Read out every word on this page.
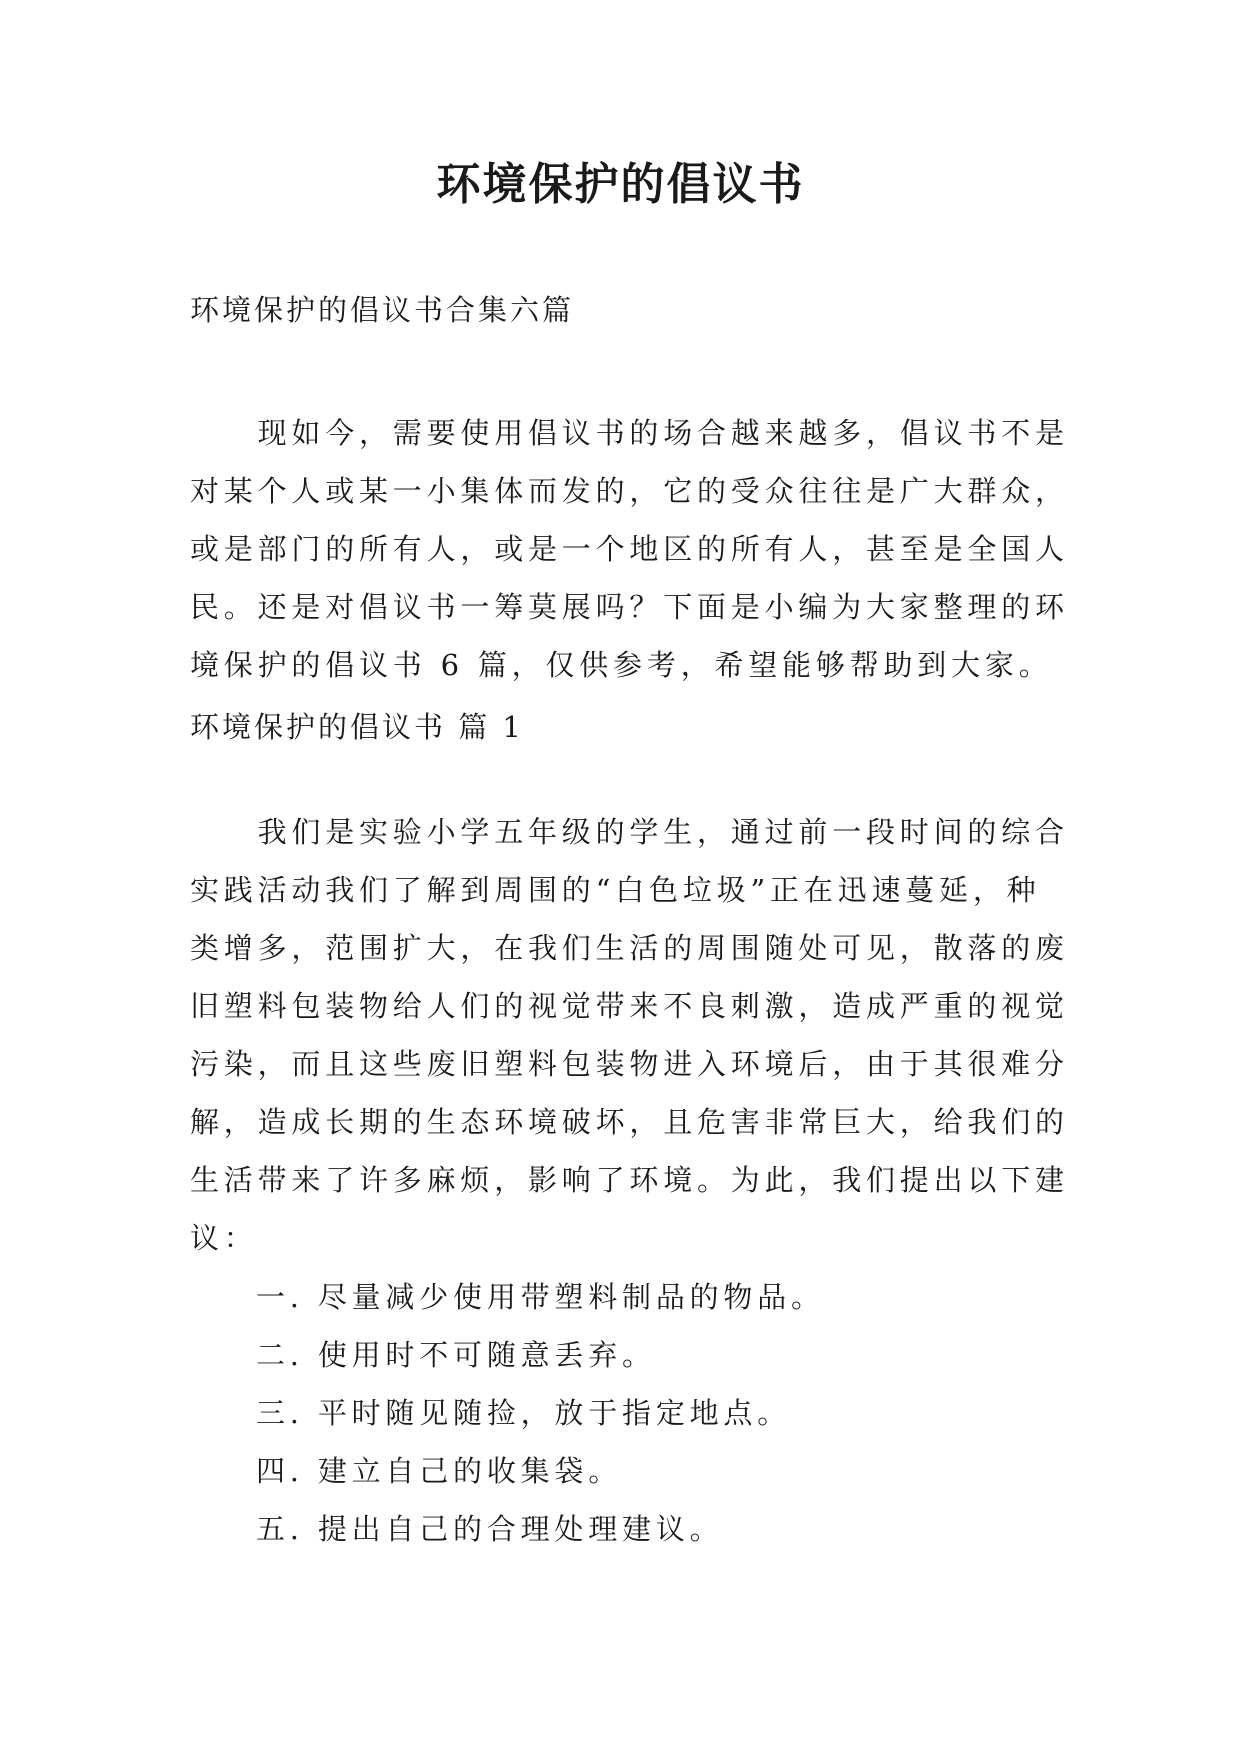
环境保护的倡议书
环境保护的倡议书合集六篇

　　现如今，需要使用倡议书的场合越来越多，倡议书不是

对某个人或某一小集体而发的，它的受众往往是广大群众，

或是部门的所有人，或是一个地区的所有人，甚至是全国人

民。还是对倡议书一筹莫展吗？下面是小编为大家整理的环

境保护的倡议书 6 篇，仅供参考，希望能够帮助到大家。

环境保护的倡议书 篇 1

　　我们是实验小学五年级的学生，通过前一段时间的综合

实践活动我们了解到周围的“白色垃圾”正在迅速蔓延，种

类增多，范围扩大，在我们生活的周围随处可见，散落的废

旧塑料包装物给人们的视觉带来不良刺激，造成严重的视觉

污染，而且这些废旧塑料包装物进入环境后，由于其很难分

解，造成长期的生态环境破坏，且危害非常巨大，给我们的

生活带来了许多麻烦，影响了环境。为此，我们提出以下建

议：

一. 尽量减少使用带塑料制品的物品。

二. 使用时不可随意丢弃。

三. 平时随见随捡，放于指定地点。

四. 建立自己的收集袋。

五. 提出自己的合理处理建议。
